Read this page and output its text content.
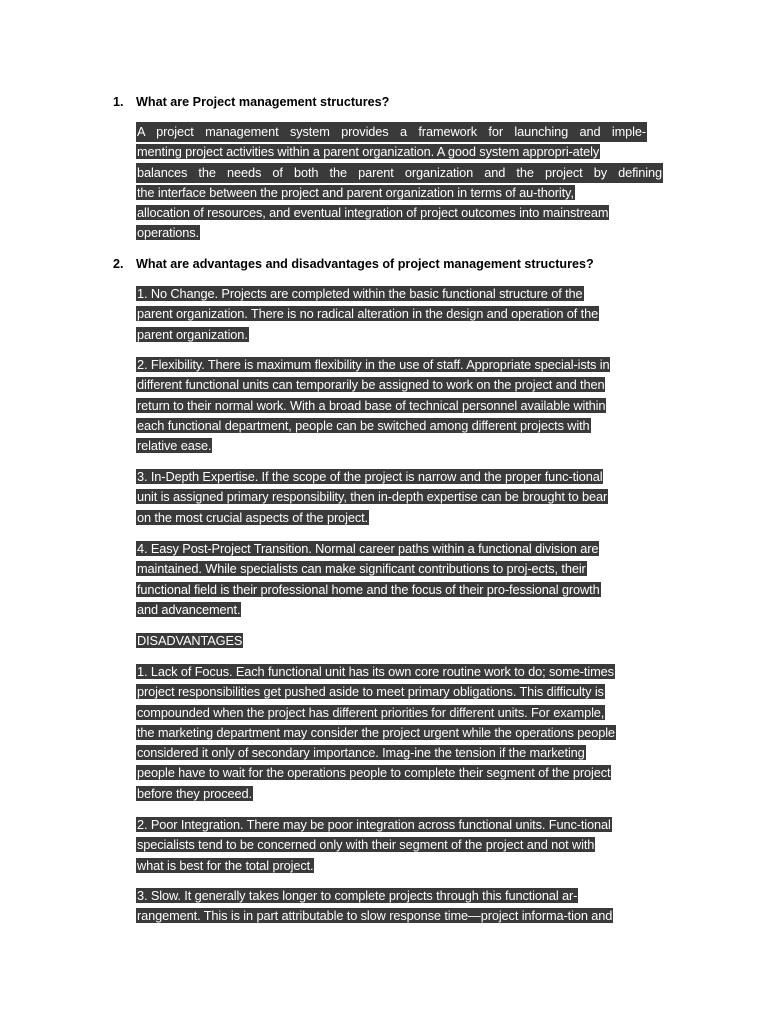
1. What are Project management structures?
A project management system provides a framework for launching and imple-
menting project activities within a parent organization. A good system appropri-ately
balances the needs of both the parent organization and the project by defining
the interface between the project and parent organization in terms of au-thority,
allocation of resources, and eventual integration of project outcomes into mainstream
operations.
2. What are advantages and disadvantages of project management structures?
1. No Change. Projects are completed within the basic functional structure of the
parent organization. There is no radical alteration in the design and operation of the
parent organization.
2. Flexibility. There is maximum flexibility in the use of staff. Appropriate special-ists in
different functional units can temporarily be assigned to work on the project and then
return to their normal work. With a broad base of technical personnel available within
each functional department, people can be switched among different projects with
relative ease.
3. In-Depth Expertise. If the scope of the project is narrow and the proper func-tional
unit is assigned primary responsibility, then in-depth expertise can be brought to bear
on the most crucial aspects of the project.
4. Easy Post-Project Transition. Normal career paths within a functional division are
maintained. While specialists can make significant contributions to proj-ects, their
functional field is their professional home and the focus of their pro-fessional growth
and advancement.
DISADVANTAGES
1. Lack of Focus. Each functional unit has its own core routine work to do; some-times
project responsibilities get pushed aside to meet primary obligations. This difficulty is
compounded when the project has different priorities for different units. For example,
the marketing department may consider the project urgent while the operations people
considered it only of secondary importance. Imag-ine the tension if the marketing
people have to wait for the operations people to complete their segment of the project
before they proceed.
2. Poor Integration. There may be poor integration across functional units. Func-tional
specialists tend to be concerned only with their segment of the project and not with
what is best for the total project.
3. Slow. It generally takes longer to complete projects through this functional ar-
rangement. This is in part attributable to slow response time—project informa-tion and
